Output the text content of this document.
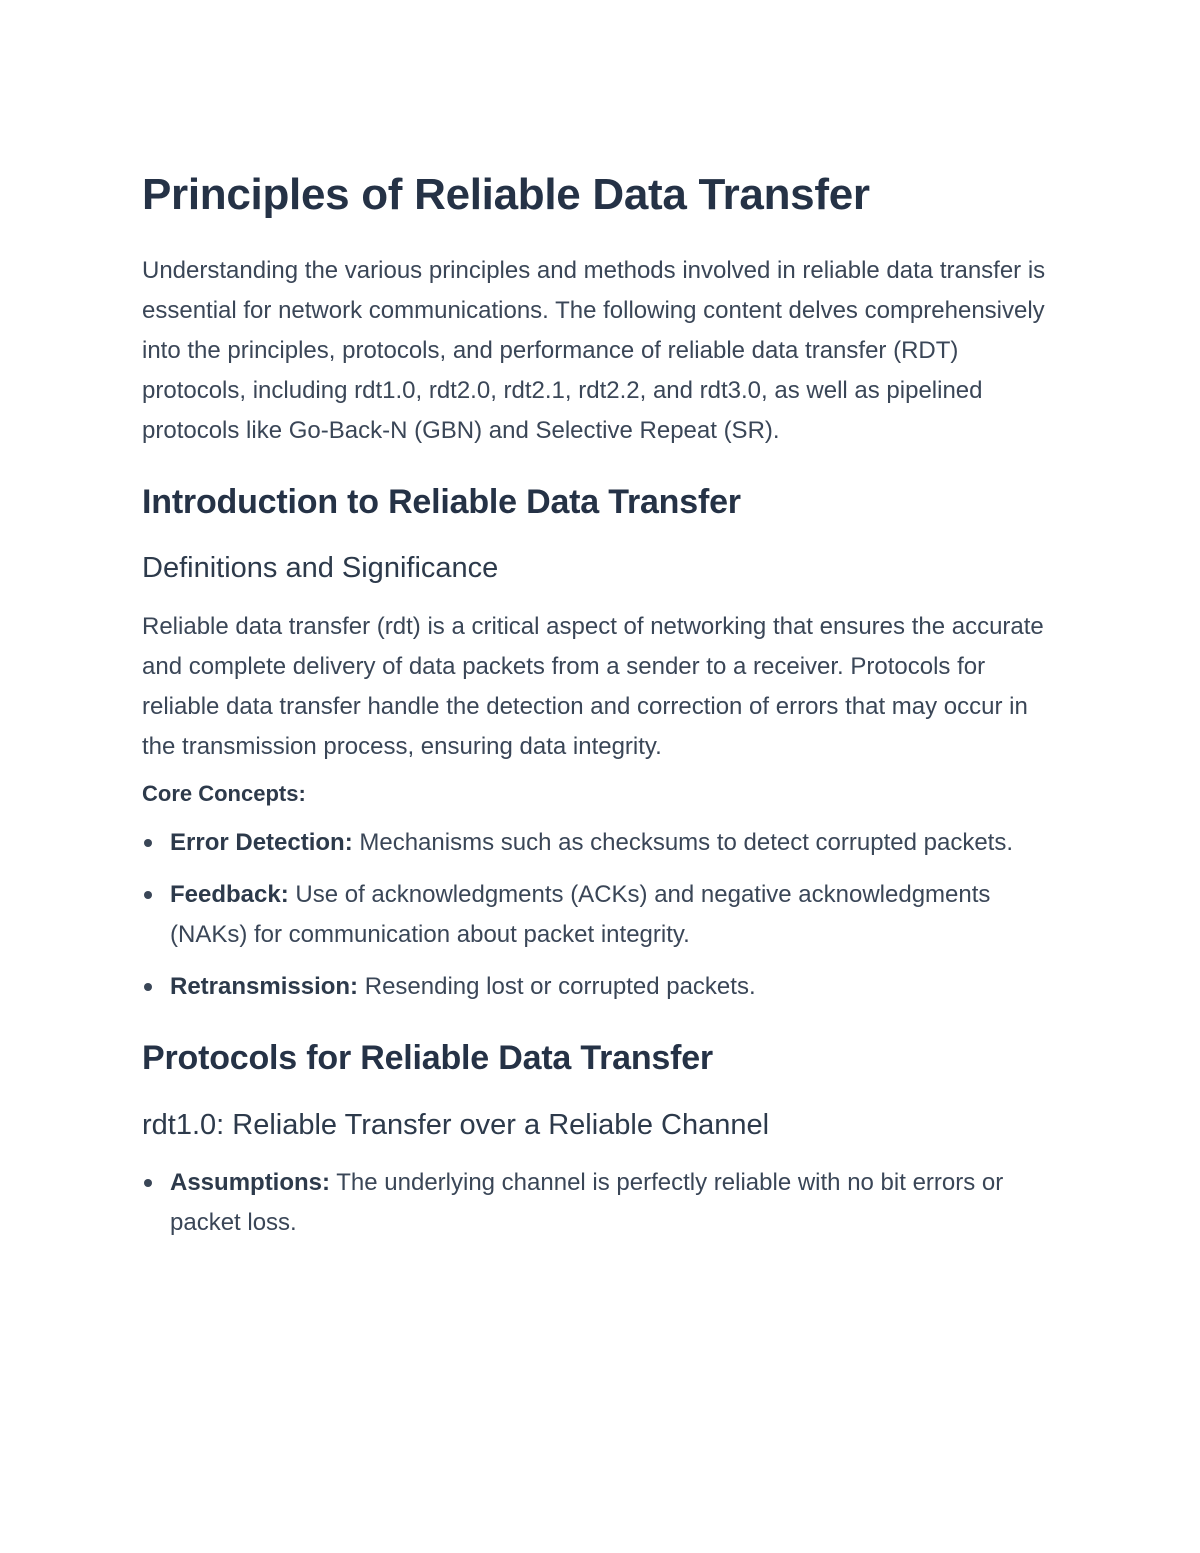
Principles of Reliable Data Transfer

Understanding the various principles and methods involved in reliable data transfer is essential for network communications. The following content delves comprehensively into the principles, protocols, and performance of reliable data transfer (RDT) protocols, including rdt1.0, rdt2.0, rdt2.1, rdt2.2, and rdt3.0, as well as pipelined protocols like Go-Back-N (GBN) and Selective Repeat (SR).

Introduction to Reliable Data Transfer
Definitions and Significance

Reliable data transfer (rdt) is a critical aspect of networking that ensures the accurate and complete delivery of data packets from a sender to a receiver. Protocols for reliable data transfer handle the detection and correction of errors that may occur in the transmission process, ensuring data integrity.

Core Concepts:
Error Detection: Mechanisms such as checksums to detect corrupted packets.
Feedback: Use of acknowledgments (ACKs) and negative acknowledgments (NAKs) for communication about packet integrity.
Retransmission: Resending lost or corrupted packets.
Protocols for Reliable Data Transfer
rdt1.0: Reliable Transfer over a Reliable Channel
Assumptions: The underlying channel is perfectly reliable with no bit errors or packet loss.
